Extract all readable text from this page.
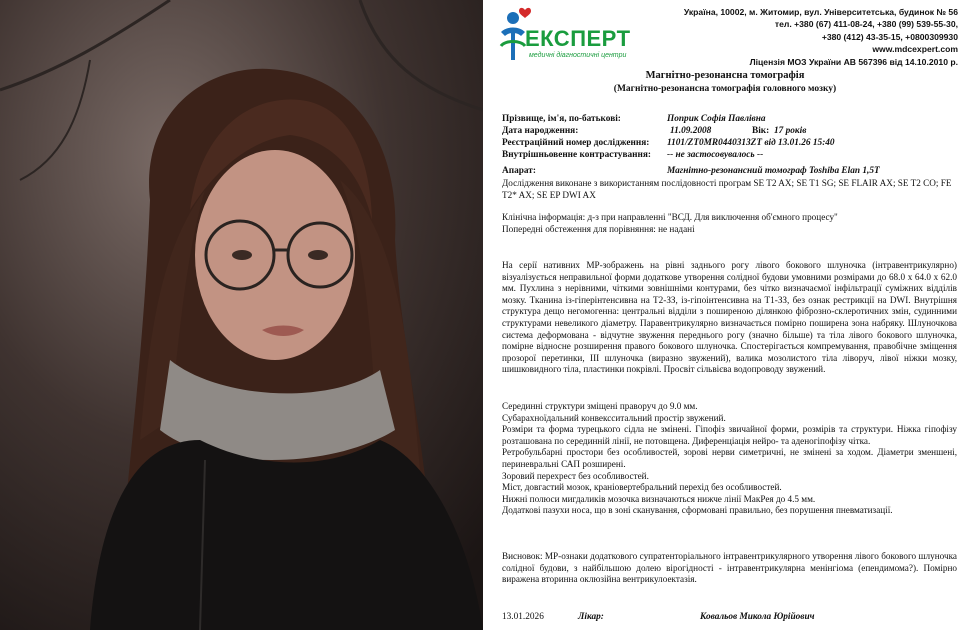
ЕКСПЕРТ
медичні діагностичні центри
Україна, 10002, м. Житомир, вул. Університетська, будинок № 56
тел. +380 (67) 411-08-24, +380 (99) 539-55-30,
+380 (412) 43-35-15, +0800309930
www.mdcexpert.com
Ліцензія МОЗ України АВ 567396 від 14.10.2010 р.
Магнітно-резонансна томографія
(Магнітно-резонансна томографія головного мозку)
Прізвище, ім'я, по-батькові:	Поприк Софія Павлівна
Дата народження:	11.09.2008	Вік: 17 років
Реєстраційний номер дослідження: 1101/ZT0MR0440313ZT від 13.01.26 15:40
Внутрішньовенне контрастування: -- не застосовувалось --
Апарат:	Магнітно-резонансний томограф Toshiba Elan 1,5T
Дослідження виконане з використанням послідовності програм SE T2 AX; SE T1 SG; SE FLAIR AX; SE T2 CO; FE T2* AX; SE EP DWI AX
Клінічна інформація: д-з при направленні "ВСД. Для виключення об'ємного процесу"
Попередні обстеження для порівняння: не надані
На серії нативних МР-зображень на рівні заднього рогу лівого бокового шлуночка (інтравентрикулярно) візуалізується неправильної форми додаткове утворення солідної будови умовними розмірами до 68.0 х 64.0 х 62.0 мм. Пухлина з нерівними, чіткими зовнішніми контурами, без чітко визначаємої інфільтрації суміжних відділів мозку. Тканина із-гіперінтенсивна на Т2-ЗЗ, із-гіпоінтенсивна на Т1-ЗЗ, без ознак рестрикції на DWI. Внутрішня структура дещо негомогенна: центральні відділи з поширеною ділянкою фіброзно-склеротичних змін, судинними структурами невеликого діаметру. Паравентрикулярно визначається помірно поширена зона набряку. Шлуночкова система деформована - відчутне звуження переднього рогу (значно більше) та тіла лівого бокового шлуночка, помірне відносне розширення правого бокового шлуночка. Спостерігається компремування, правобічне зміщення прозорої перетинки, III шлуночка (виразно звужений), валика мозолистого тіла ліворуч, лівої ніжки мозку, шишковидного тіла, пластинки покрівлі. Просвіт сільвієва водопроводу звужений.
Серединні структури зміщені праворуч до 9.0 мм.
Субарахноїдальний конвексситальний простір звужений.
Розміри та форма турецького сідла не змінені. Гіпофіз звичайної форми, розмірів та структури. Ніжка гіпофізу розташована по серединній лінії, не потовщена. Диференціація нейро- та аденогіпофізу чітка.
Ретробульбарні простори без особливостей, зорові нерви симетричні, не змінені за ходом. Діаметри зменшені, периневральні САП розширені.
Зоровий перехрест без особливостей.
Міст, довгастий мозок, краніовертебральний перехід без особливостей.
Нижні полюси мигдаликів мозочка визначаються нижче лінії МакРея до 4.5 мм.
Додаткові пазухи носа, що в зоні сканування, сформовані правильно, без порушення пневматизації.
Висновок: МР-ознаки додаткового супратенторіального інтравентрикулярного утворення лівого бокового шлуночка солідної будови, з найбільшою долею вірогідності - інтравентрикулярна менінгіома (епендимома?). Помірно виражена вторинна оклюзійна вентрикулоектазія.
13.01.2026	Лікар:	Ковальов Микола Юрійович
